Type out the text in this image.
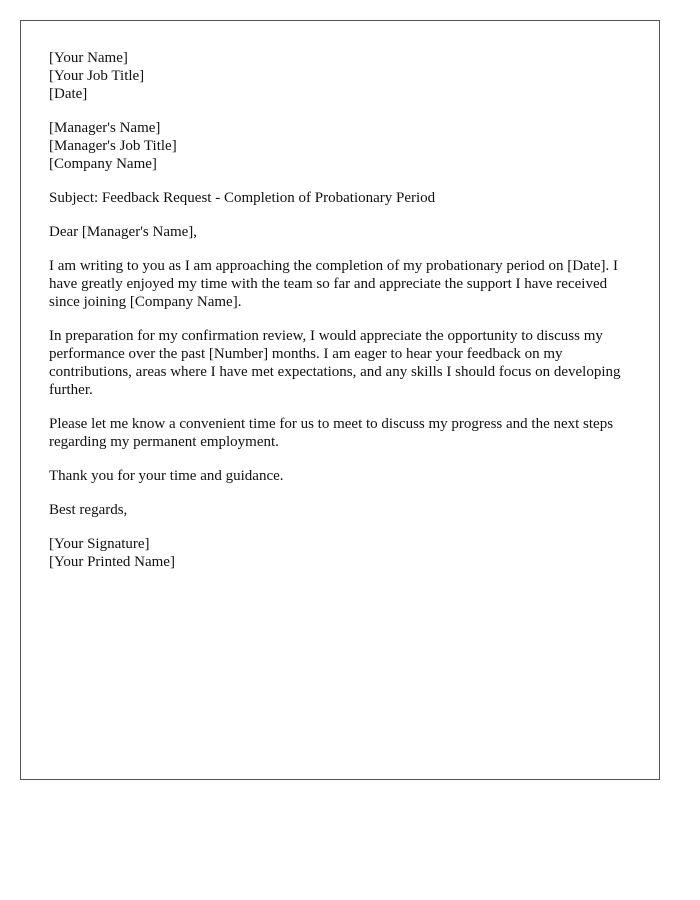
[Your Name]
[Your Job Title]
[Date]
[Manager's Name]
[Manager's Job Title]
[Company Name]

Subject: Feedback Request - Completion of Probationary Period

Dear [Manager's Name],

I am writing to you as I am approaching the completion of my probationary period on [Date]. I have greatly enjoyed my time with the team so far and appreciate the support I have received since joining [Company Name].

In preparation for my confirmation review, I would appreciate the opportunity to discuss my performance over the past [Number] months. I am eager to hear your feedback on my contributions, areas where I have met expectations, and any skills I should focus on developing further.

Please let me know a convenient time for us to meet to discuss my progress and the next steps regarding my permanent employment.

Thank you for your time and guidance.

Best regards,

[Your Signature]
[Your Printed Name]
